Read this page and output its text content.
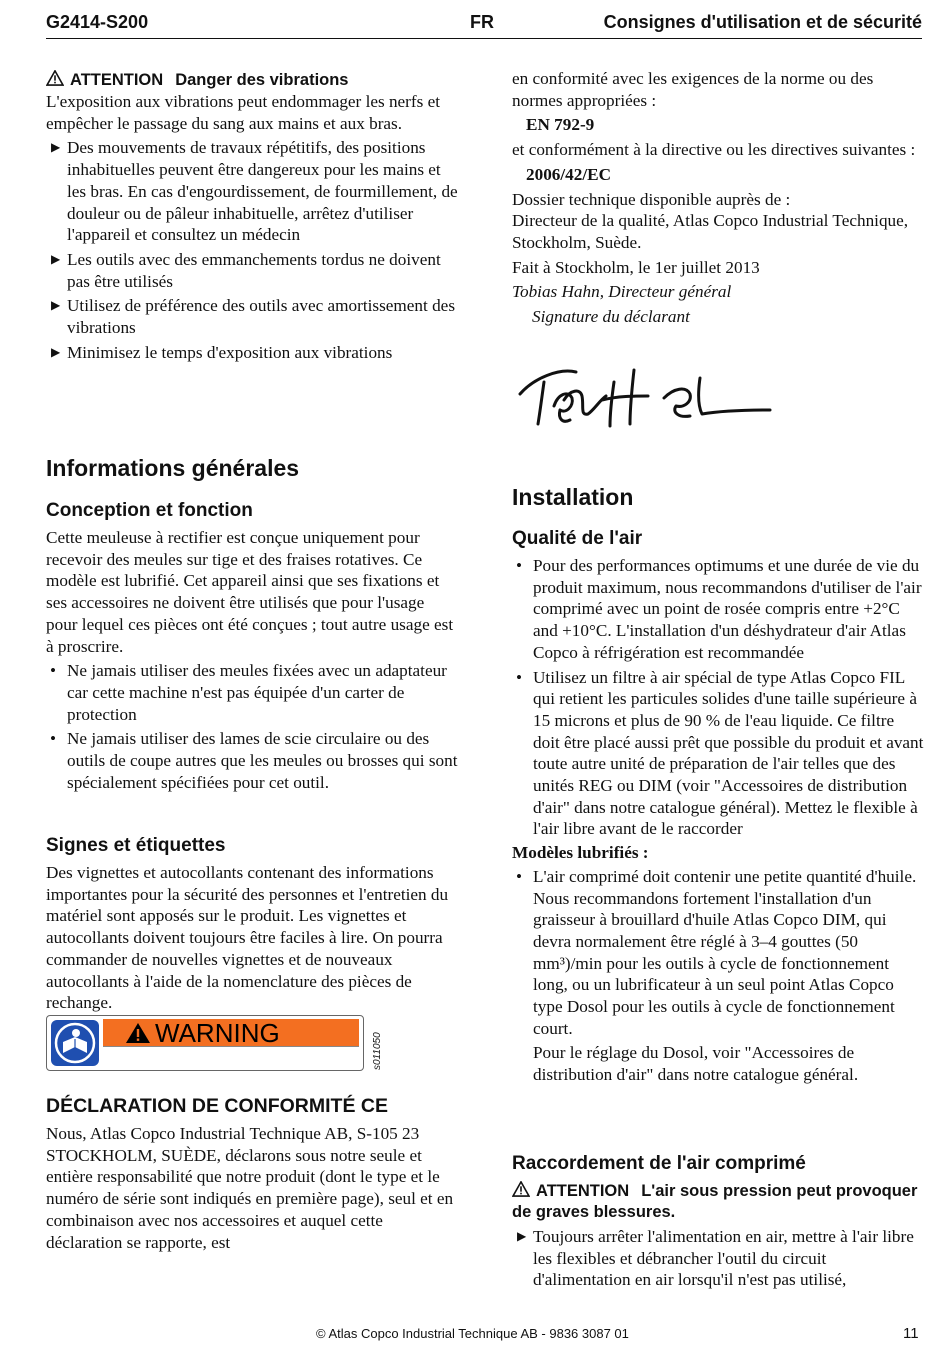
G2414-S200	FR	Consignes d'utilisation et de sécurité
ATTENTION Danger des vibrations

L'exposition aux vibrations peut endommager les nerfs et empêcher le passage du sang aux mains et aux bras.

▶ Des mouvements de travaux répétitifs, des positions inhabituelles peuvent être dangereux pour les mains et les bras. En cas d'engourdissement, de fourmillement, de douleur ou de pâleur inhabituelle, arrêtez d'utiliser l'appareil et consultez un médecin
▶ Les outils avec des emmanchements tordus ne doivent pas être utilisés
▶ Utilisez de préférence des outils avec amortissement des vibrations
▶ Minimisez le temps d'exposition aux vibrations
Informations générales
Conception et fonction

Cette meuleuse à rectifier est conçue uniquement pour recevoir des meules sur tige et des fraises rotatives. Ce modèle est lubrifié. Cet appareil ainsi que ses fixations et ses accessoires ne doivent être utilisés que pour l'usage pour lequel ces pièces ont été conçues ; tout autre usage est à proscrire.

• Ne jamais utiliser des meules fixées avec un adaptateur car cette machine n'est pas équipée d'un carter de protection
• Ne jamais utiliser des lames de scie circulaire ou des outils de coupe autres que les meules ou brosses qui sont spécialement spécifiées pour cet outil.
Signes et étiquettes

Des vignettes et autocollants contenant des informations importantes pour la sécurité des personnes et l'entretien du matériel sont apposés sur le produit. Les vignettes et autocollants doivent toujours être faciles à lire. On pourra commander de nouvelles vignettes et de nouveaux autocollants à l'aide de la nomenclature des pièces de rechange.

WARNING	s011050
DÉCLARATION DE CONFORMITÉ CE

Nous, Atlas Copco Industrial Technique AB, S-105 23 STOCKHOLM, SUÈDE, déclarons sous notre seule et entière responsabilité que notre produit (dont le type et le numéro de série sont indiqués en première page), seul et en combinaison avec nos accessoires et auquel cette déclaration se rapporte, est

en conformité avec les exigences de la norme ou des normes appropriées :

EN 792-9

et conformément à la directive ou les directives suivantes :

2006/42/EC

Dossier technique disponible auprès de :

Directeur de la qualité, Atlas Copco Industrial Technique, Stockholm, Suède.

Fait à Stockholm, le 1er juillet 2013

Tobias Hahn, Directeur général

Signature du déclarant

Installation
Qualité de l'air
• Pour des performances optimums et une durée de vie du produit maximum, nous recommandons d'utiliser de l'air comprimé avec un point de rosée compris entre +2°C and +10°C. L'installation d'un déshydrateur d'air Atlas Copco à réfrigération est recommandée
• Utilisez un filtre à air spécial de type Atlas Copco FIL qui retient les particules solides d'une taille supérieure à 15 microns et plus de 90 % de l'eau liquide. Ce filtre doit être placé aussi prêt que possible du produit et avant toute autre unité de préparation de l'air telles que des unités REG ou DIM (voir "Accessoires de distribution d'air" dans notre catalogue général). Mettez le flexible à l'air libre avant de le raccorder

Modèles lubrifiés :

• L'air comprimé doit contenir une petite quantité d'huile. Nous recommandons fortement l'installation d'un graisseur à brouillard d'huile Atlas Copco DIM, qui devra normalement être réglé à 3–4 gouttes (50 mm³)/min pour les outils à cycle de fonctionnement long, ou un lubrificateur à un seul point Atlas Copco type Dosol pour les outils à cycle de fonctionnement court.

Pour le réglage du Dosol, voir "Accessoires de distribution d'air" dans notre catalogue général.

Raccordement de l'air comprimé
ATTENTION L'air sous pression peut provoquer de graves blessures.
▶ Toujours arrêter l'alimentation en air, mettre à l'air libre les flexibles et débrancher l'outil du circuit d'alimentation en air lorsqu'il n'est pas utilisé,
© Atlas Copco Industrial Technique AB - 9836 3087 01	11
